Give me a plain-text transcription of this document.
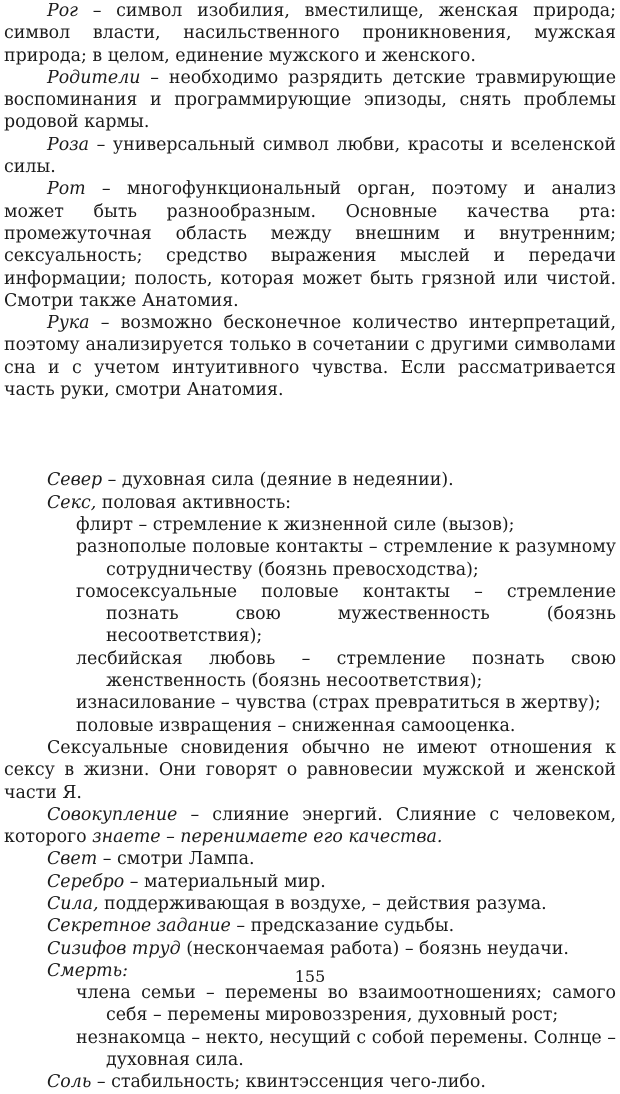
Рог – символ изобилия, вместилище, женская природа; символ власти, насильственного проникновения, мужская природа; в целом, единение мужского и женского.

Родители – необходимо разрядить детские травмирующие воспоминания и программирующие эпизоды, снять проблемы родовой кармы.

Роза – универсальный символ любви, красоты и вселенской силы.

Рот – многофункциональный орган, поэтому и анализ может быть разнообразным. Основные качества рта: промежуточная область между внешним и внутренним; сексуальность; средство выражения мыслей и передачи информации; полость, которая может быть грязной или чистой. Смотри также Анатомия.

Рука – возможно бесконечное количество интерпретаций, поэтому анализируется только в сочетании с другими символами сна и с учетом интуитивного чувства. Если рассматривается часть руки, смотри Анатомия.

Север – духовная сила (деяние в недеянии).

Секс, половая активность:

флирт – стремление к жизненной силе (вызов);

разнополые половые контакты – стремление к разумному сотрудничеству (боязнь превосходства);

гомосексуальные половые контакты – стремление познать свою мужественность (боязнь несоответствия);

лесбийская любовь – стремление познать свою женственность (боязнь несоответствия);

изнасилование – чувства (страх превратиться в жертву);

половые извращения – сниженная самооценка.

Сексуальные сновидения обычно не имеют отношения к сексу в жизни. Они говорят о равновесии мужской и женской части Я.

Совокупление – слияние энергий. Слияние с человеком, которого знаете – перенимаете его качества.

Свет – смотри Лампа.

Серебро – материальный мир.

Сила, поддерживающая в воздухе, – действия разума.

Секретное задание – предсказание судьбы.

Сизифов труд (нескончаемая работа) – боязнь неудачи.

Смерть:

члена семьи – перемены во взаимоотношениях; самого себя – перемены мировоззрения, духовный рост;

незнакомца – некто, несущий с собой перемены. Солнце – духовная сила.

Соль – стабильность; квинтэссенция чего-либо.

155
